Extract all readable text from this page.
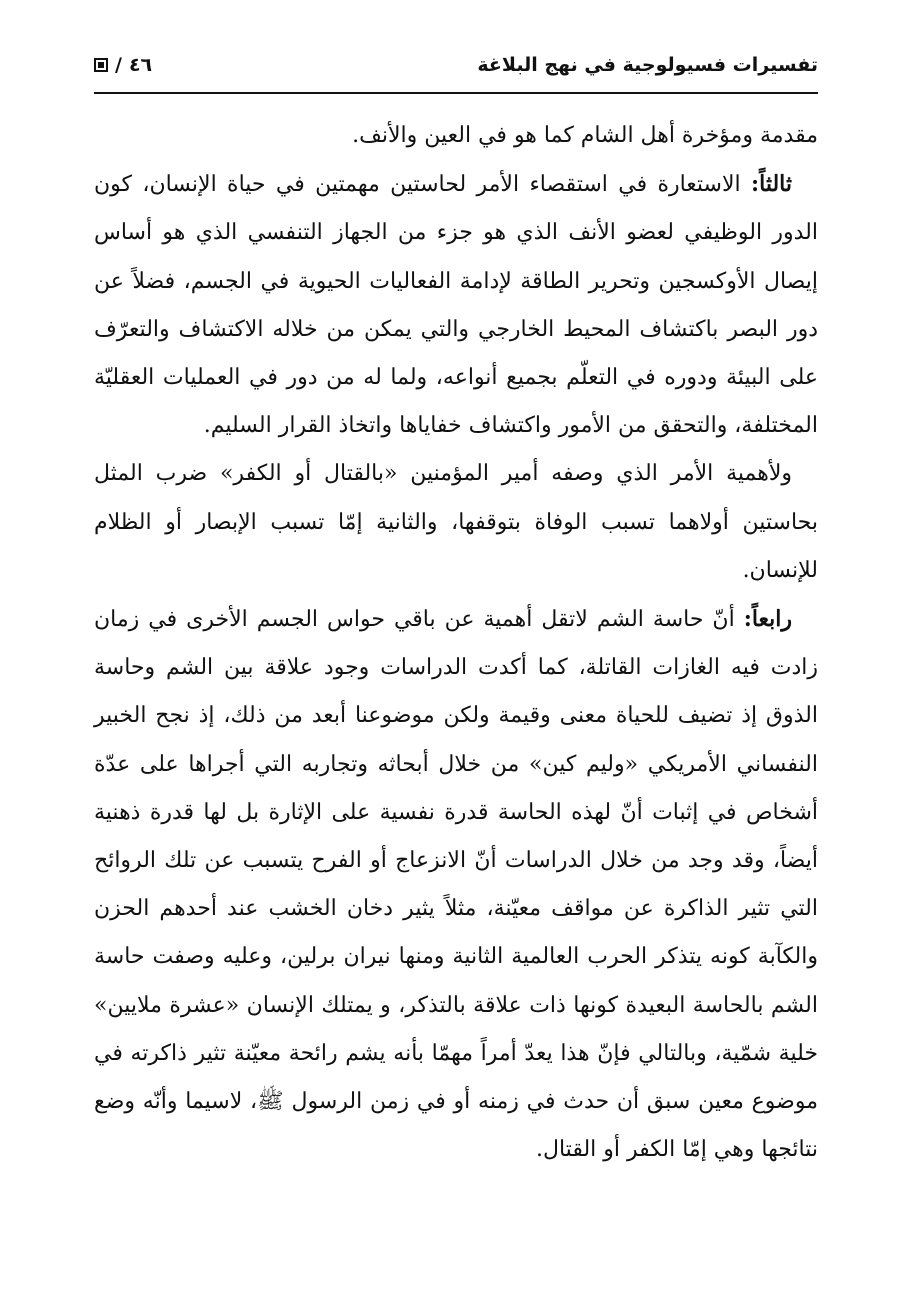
تفسيرات فسيولوجية في نهج البلاغة
٤٦
/

مقدمة ومؤخرة أهل الشام كما هو في العين والأنف.

ثالثاً: الاستعارة في استقصاء الأمر لحاستين مهمتين في حياة الإنسان، كون الدور الوظيفي لعضو الأنف الذي هو جزء من الجهاز التنفسي الذي هو أساس إيصال الأوكسجين وتحرير الطاقة لإدامة الفعاليات الحيوية في الجسم، فضلاً عن دور البصر باكتشاف المحيط الخارجي والتي يمكن من خلاله الاكتشاف والتعرّف على البيئة ودوره في التعلّم بجميع أنواعه، ولما له من دور في العمليات العقليّة المختلفة، والتحقق من الأمور واكتشاف خفاياها واتخاذ القرار السليم.

ولأهمية الأمر الذي وصفه أمير المؤمنين «بالقتال أو الكفر» ضرب المثل بحاستين أولاهما تسبب الوفاة بتوقفها، والثانية إمّا تسبب الإبصار أو الظلام للإنسان.

رابعاً: أنّ حاسة الشم لاتقل أهمية عن باقي حواس الجسم الأخرى في زمان زادت فيه الغازات القاتلة، كما أكدت الدراسات وجود علاقة بين الشم وحاسة الذوق إذ تضيف للحياة معنى وقيمة ولكن موضوعنا أبعد من ذلك، إذ نجح الخبير النفساني الأمريكي «وليم كين» من خلال أبحاثه وتجاربه التي أجراها على عدّة أشخاص في إثبات أنّ لهذه الحاسة قدرة نفسية على الإثارة بل لها قدرة ذهنية أيضاً، وقد وجد من خلال الدراسات أنّ الانزعاج أو الفرح يتسبب عن تلك الروائح التي تثير الذاكرة عن مواقف معيّنة، مثلاً يثير دخان الخشب عند أحدهم الحزن والكآبة كونه يتذكر الحرب العالمية الثانية ومنها نيران برلين، وعليه وصفت حاسة الشم بالحاسة البعيدة كونها ذات علاقة بالتذكر، و يمتلك الإنسان «عشرة ملايين» خلية شمّية، وبالتالي فإنّ هذا يعدّ أمراً مهمّا بأنه يشم رائحة معيّنة تثير ذاكرته في موضوع معين سبق أن حدث في زمنه أو في زمن الرسول ﷺ، لاسيما وأنّه وضع نتائجها وهي إمّا الكفر أو القتال.
